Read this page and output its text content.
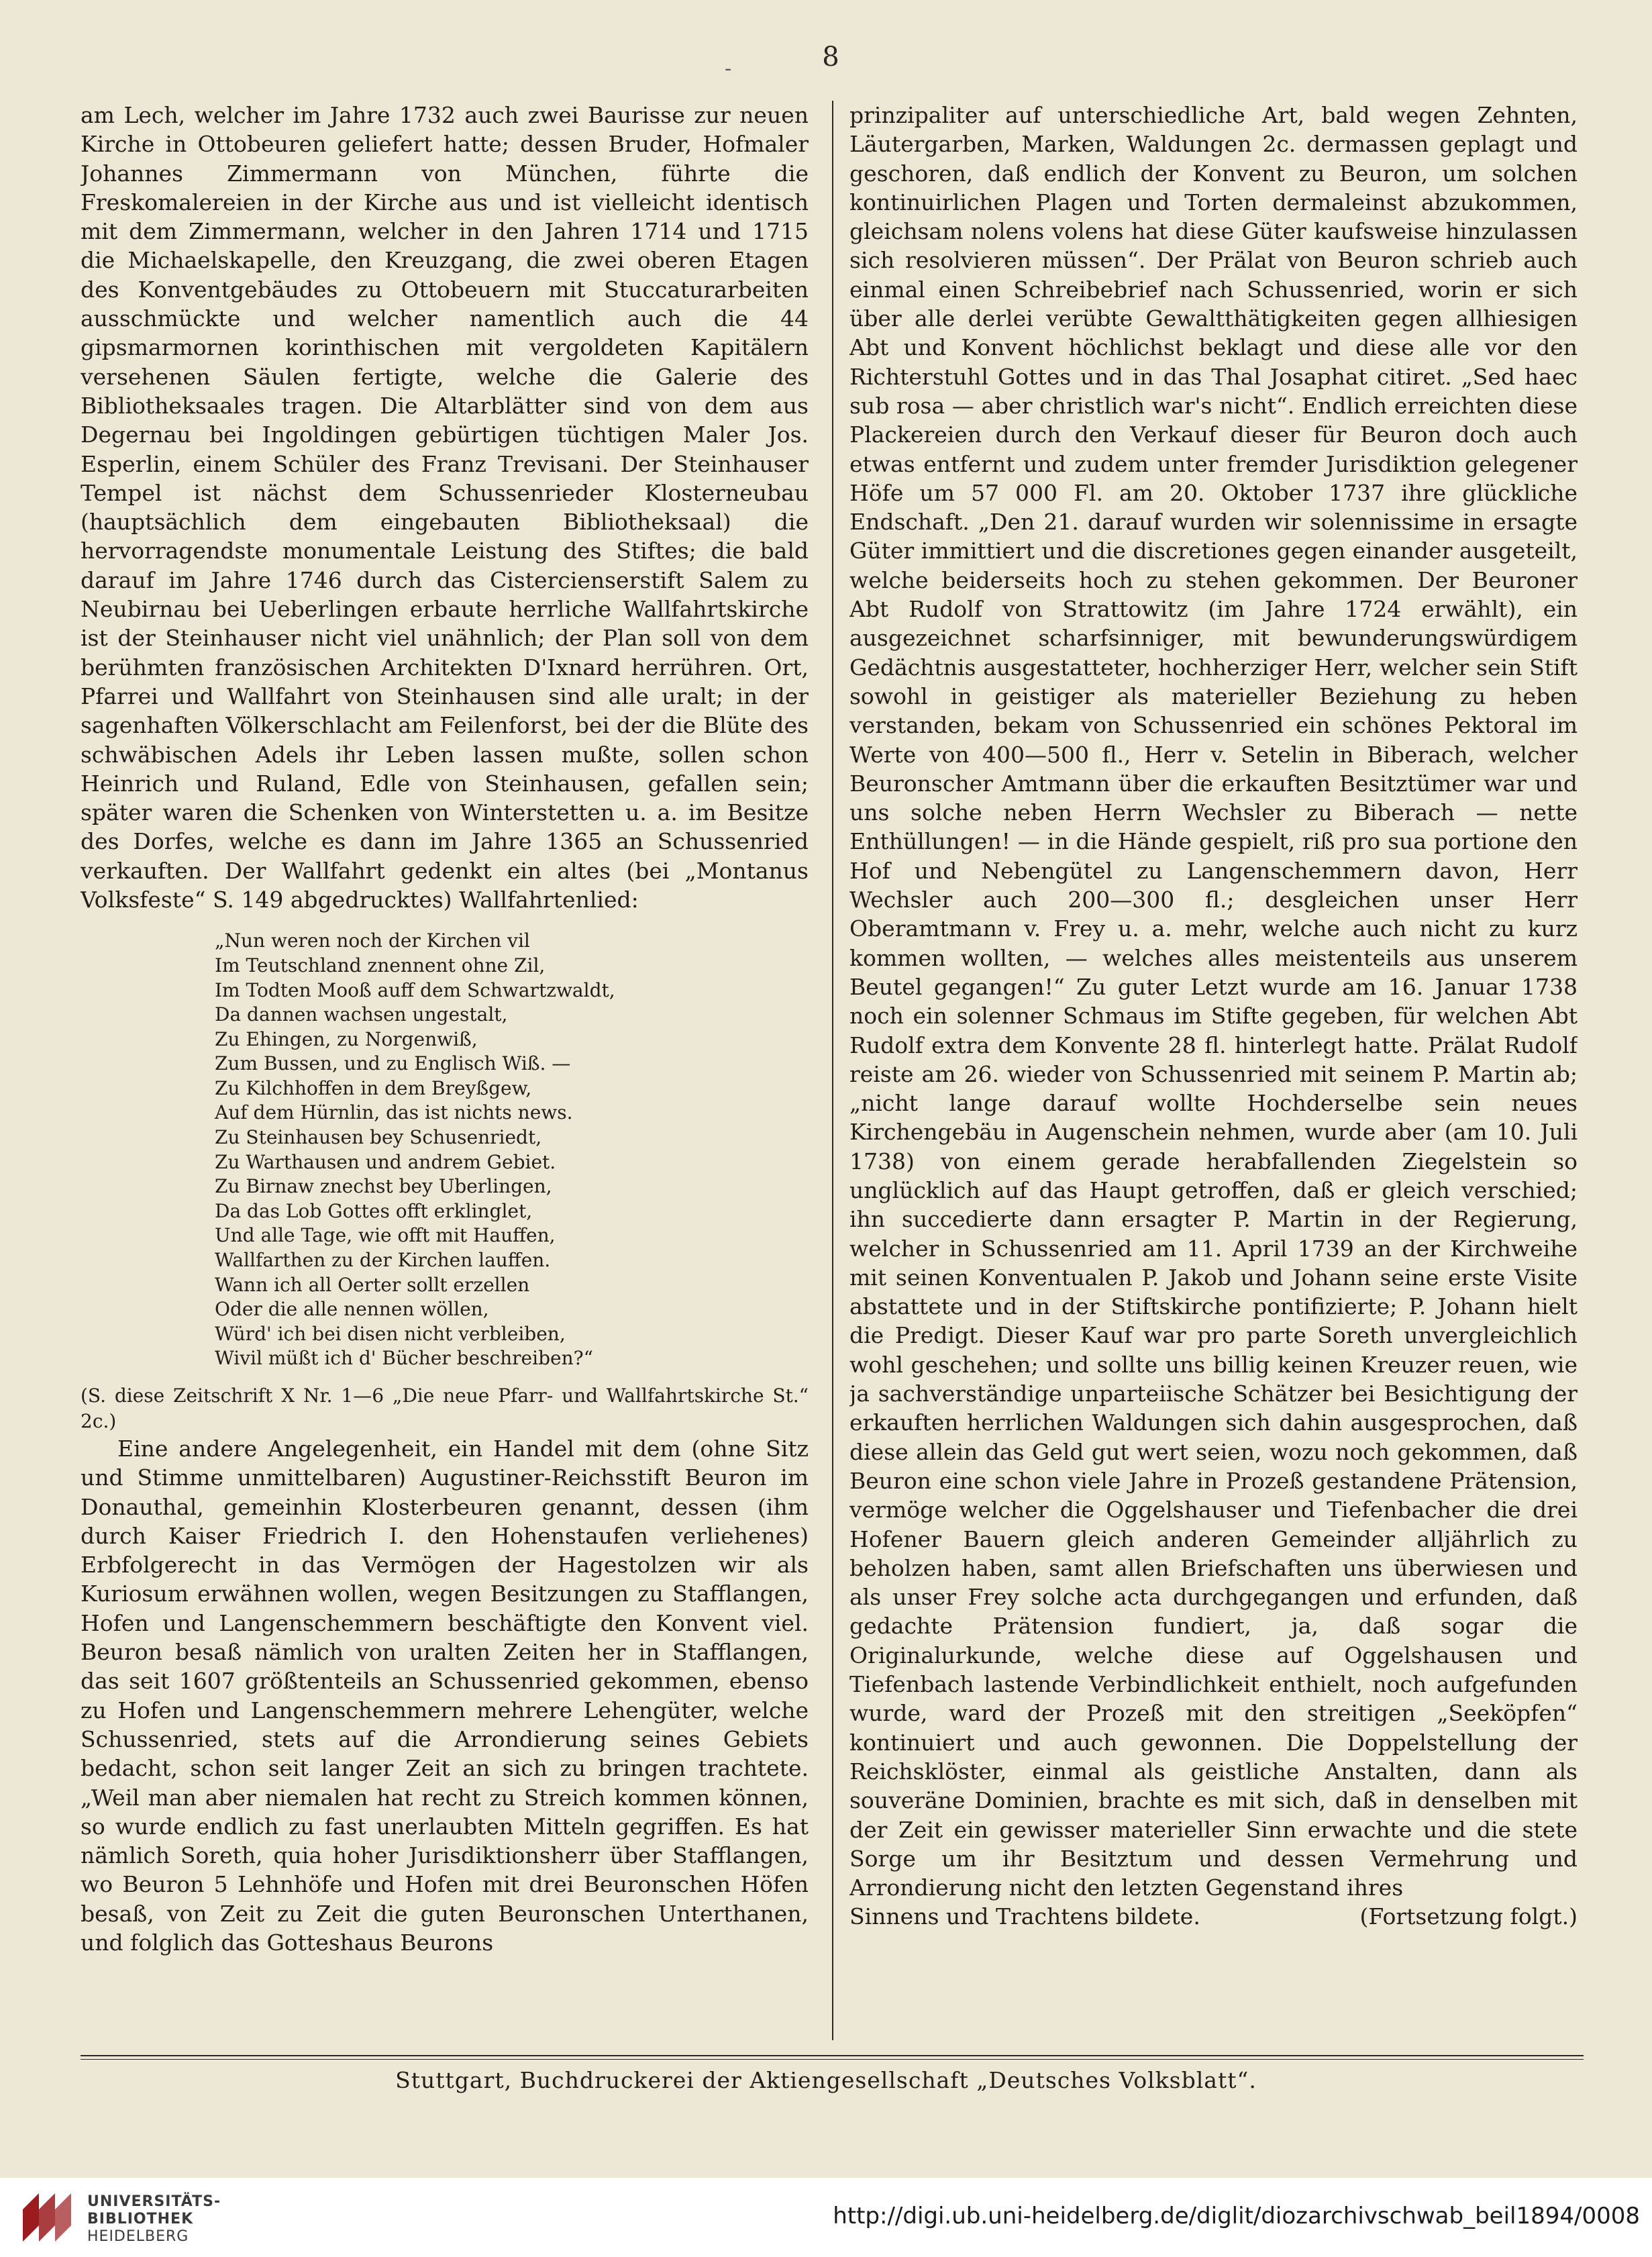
-	8

am Lech, welcher im Jahre 1732 auch zwei Baurisse zur neuen Kirche in Ottobeuren geliefert hatte; dessen Bruder, Hofmaler Johannes Zimmermann von München, führte die Freskomalereien in der Kirche aus und ist vielleicht identisch mit dem Zimmermann, welcher in den Jahren 1714 und 1715 die Michaelskapelle, den Kreuzgang, die zwei oberen Etagen des Konventgebäudes zu Ottobeuern mit Stuccaturarbeiten ausschmückte und welcher namentlich auch die 44 gipsmarmornen korinthischen mit vergoldeten Kapitälern versehenen Säulen fertigte, welche die Galerie des Bibliotheksaales tragen. Die Altarblätter sind von dem aus Degernau bei Ingoldingen gebürtigen tüchtigen Maler Jos. Esperlin, einem Schüler des Franz Trevisani. Der Steinhauser Tempel ist nächst dem Schussenrieder Klosterneubau (hauptsächlich dem eingebauten Bibliotheksaal) die hervorragendste monumentale Leistung des Stiftes; die bald darauf im Jahre 1746 durch das Cistercienserstift Salem zu Neubirnau bei Ueberlingen erbaute herrliche Wallfahrtskirche ist der Steinhauser nicht viel unähnlich; der Plan soll von dem berühmten französischen Architekten D'Ixnard herrühren. Ort, Pfarrei und Wallfahrt von Steinhausen sind alle uralt; in der sagenhaften Völkerschlacht am Feilenforst, bei der die Blüte des schwäbischen Adels ihr Leben lassen mußte, sollen schon Heinrich und Ruland, Edle von Steinhausen, gefallen sein; später waren die Schenken von Winterstetten u. a. im Besitze des Dorfes, welche es dann im Jahre 1365 an Schussenried verkauften. Der Wallfahrt gedenkt ein altes (bei „Montanus Volksfeste“ S. 149 abgedrucktes) Wallfahrtenlied:

„Nun weren noch der Kirchen vil
Im Teutschland znennent ohne Zil,
Im Todten Mooß auff dem Schwartzwaldt,
Da dannen wachsen ungestalt,
Zu Ehingen, zu Norgenwiß,
Zum Bussen, und zu Englisch Wiß. —
Zu Kilchhoffen in dem Breyßgew,
Auf dem Hürnlin, das ist nichts news.
Zu Steinhausen bey Schusenriedt,
Zu Warthausen und andrem Gebiet.
Zu Birnaw znechst bey Uberlingen,
Da das Lob Gottes offt erklinglet,
Und alle Tage, wie offt mit Hauffen,
Wallfarthen zu der Kirchen lauffen.
Wann ich all Oerter sollt erzellen
Oder die alle nennen wöllen,
Würd' ich bei disen nicht verbleiben,
Wivil müßt ich d' Bücher beschreiben?“

(S. diese Zeitschrift X Nr. 1—6 „Die neue Pfarr- und Wallfahrtskirche St.“ 2c.)

Eine andere Angelegenheit, ein Handel mit dem (ohne Sitz und Stimme unmittelbaren) Augustiner-Reichsstift Beuron im Donauthal, gemeinhin Klosterbeuren genannt, dessen (ihm durch Kaiser Friedrich I. den Hohenstaufen verliehenes) Erbfolgerecht in das Vermögen der Hagestolzen wir als Kuriosum erwähnen wollen, wegen Besitzungen zu Stafflangen, Hofen und Langenschemmern beschäftigte den Konvent viel. Beuron besaß nämlich von uralten Zeiten her in Stafflangen, das seit 1607 größtenteils an Schussenried gekommen, ebenso zu Hofen und Langenschemmern mehrere Lehengüter, welche Schussenried, stets auf die Arrondierung seines Gebiets bedacht, schon seit langer Zeit an sich zu bringen trachtete. „Weil man aber niemalen hat recht zu Streich kommen können, so wurde endlich zu fast unerlaubten Mitteln gegriffen. Es hat nämlich Soreth, quia hoher Jurisdiktionsherr über Stafflangen, wo Beuron 5 Lehnhöfe und Hofen mit drei Beuronschen Höfen besaß, von Zeit zu Zeit die guten Beuronschen Unterthanen, und folglich das Gotteshaus Beurons

prinzipaliter auf unterschiedliche Art, bald wegen Zehnten, Läutergarben, Marken, Waldungen 2c. dermassen geplagt und geschoren, daß endlich der Konvent zu Beuron, um solchen kontinuirlichen Plagen und Torten dermaleinst abzukommen, gleichsam nolens volens hat diese Güter kaufsweise hinzulassen sich resolvieren müssen“. Der Prälat von Beuron schrieb auch einmal einen Schreibebrief nach Schussenried, worin er sich über alle derlei verübte Gewaltthätigkeiten gegen allhiesigen Abt und Konvent höchlichst beklagt und diese alle vor den Richterstuhl Gottes und in das Thal Josaphat citiret. „Sed haec sub rosa — aber christlich war's nicht“. Endlich erreichten diese Plackereien durch den Verkauf dieser für Beuron doch auch etwas entfernt und zudem unter fremder Jurisdiktion gelegener Höfe um 57 000 Fl. am 20. Oktober 1737 ihre glückliche Endschaft. „Den 21. darauf wurden wir solennissime in ersagte Güter immittiert und die discretiones gegen einander ausgeteilt, welche beiderseits hoch zu stehen gekommen. Der Beuroner Abt Rudolf von Strattowitz (im Jahre 1724 erwählt), ein ausgezeichnet scharfsinniger, mit bewunderungswürdigem Gedächtnis ausgestatteter, hochherziger Herr, welcher sein Stift sowohl in geistiger als materieller Beziehung zu heben verstanden, bekam von Schussenried ein schönes Pektoral im Werte von 400—500 fl., Herr v. Setelin in Biberach, welcher Beuronscher Amtmann über die erkauften Besitztümer war und uns solche neben Herrn Wechsler zu Biberach — nette Enthüllungen! — in die Hände gespielt, riß pro sua portione den Hof und Nebengütel zu Langenschemmern davon, Herr Wechsler auch 200—300 fl.; desgleichen unser Herr Oberamtmann v. Frey u. a. mehr, welche auch nicht zu kurz kommen wollten, — welches alles meistenteils aus unserem Beutel gegangen!“ Zu guter Letzt wurde am 16. Januar 1738 noch ein solenner Schmaus im Stifte gegeben, für welchen Abt Rudolf extra dem Konvente 28 fl. hinterlegt hatte. Prälat Rudolf reiste am 26. wieder von Schussenried mit seinem P. Martin ab; „nicht lange darauf wollte Hochderselbe sein neues Kirchengebäu in Augenschein nehmen, wurde aber (am 10. Juli 1738) von einem gerade herabfallenden Ziegelstein so unglücklich auf das Haupt getroffen, daß er gleich verschied; ihn succedierte dann ersagter P. Martin in der Regierung, welcher in Schussenried am 11. April 1739 an der Kirchweihe mit seinen Konventualen P. Jakob und Johann seine erste Visite abstattete und in der Stiftskirche pontifizierte; P. Johann hielt die Predigt. Dieser Kauf war pro parte Soreth unvergleichlich wohl geschehen; und sollte uns billig keinen Kreuzer reuen, wie ja sachverständige unparteiische Schätzer bei Besichtigung der erkauften herrlichen Waldungen sich dahin ausgesprochen, daß diese allein das Geld gut wert seien, wozu noch gekommen, daß Beuron eine schon viele Jahre in Prozeß gestandene Prätension, vermöge welcher die Oggelshauser und Tiefenbacher die drei Hofener Bauern gleich anderen Gemeinder alljährlich zu beholzen haben, samt allen Briefschaften uns überwiesen und als unser Frey solche acta durchgegangen und erfunden, daß gedachte Prätension fundiert, ja, daß sogar die Originalurkunde, welche diese auf Oggelshausen und Tiefenbach lastende Verbindlichkeit enthielt, noch aufgefunden wurde, ward der Prozeß mit den streitigen „Seeköpfen“ kontinuiert und auch gewonnen. Die Doppelstellung der Reichsklöster, einmal als geistliche Anstalten, dann als souveräne Dominien, brachte es mit sich, daß in denselben mit der Zeit ein gewisser materieller Sinn erwachte und die stete Sorge um ihr Besitztum und dessen Vermehrung und Arrondierung nicht den letzten Gegenstand ihres

Sinnens und Trachtens bildete.	(Fortsetzung folgt.)
Stuttgart, Buchdruckerei der Aktiengesellschaft „Deutsches Volksblatt“.
UNIVERSITÄTS-
BIBLIOTHEK
HEIDELBERG
http://digi.ub.uni-heidelberg.de/diglit/diozarchivschwab_beil1894/0008
